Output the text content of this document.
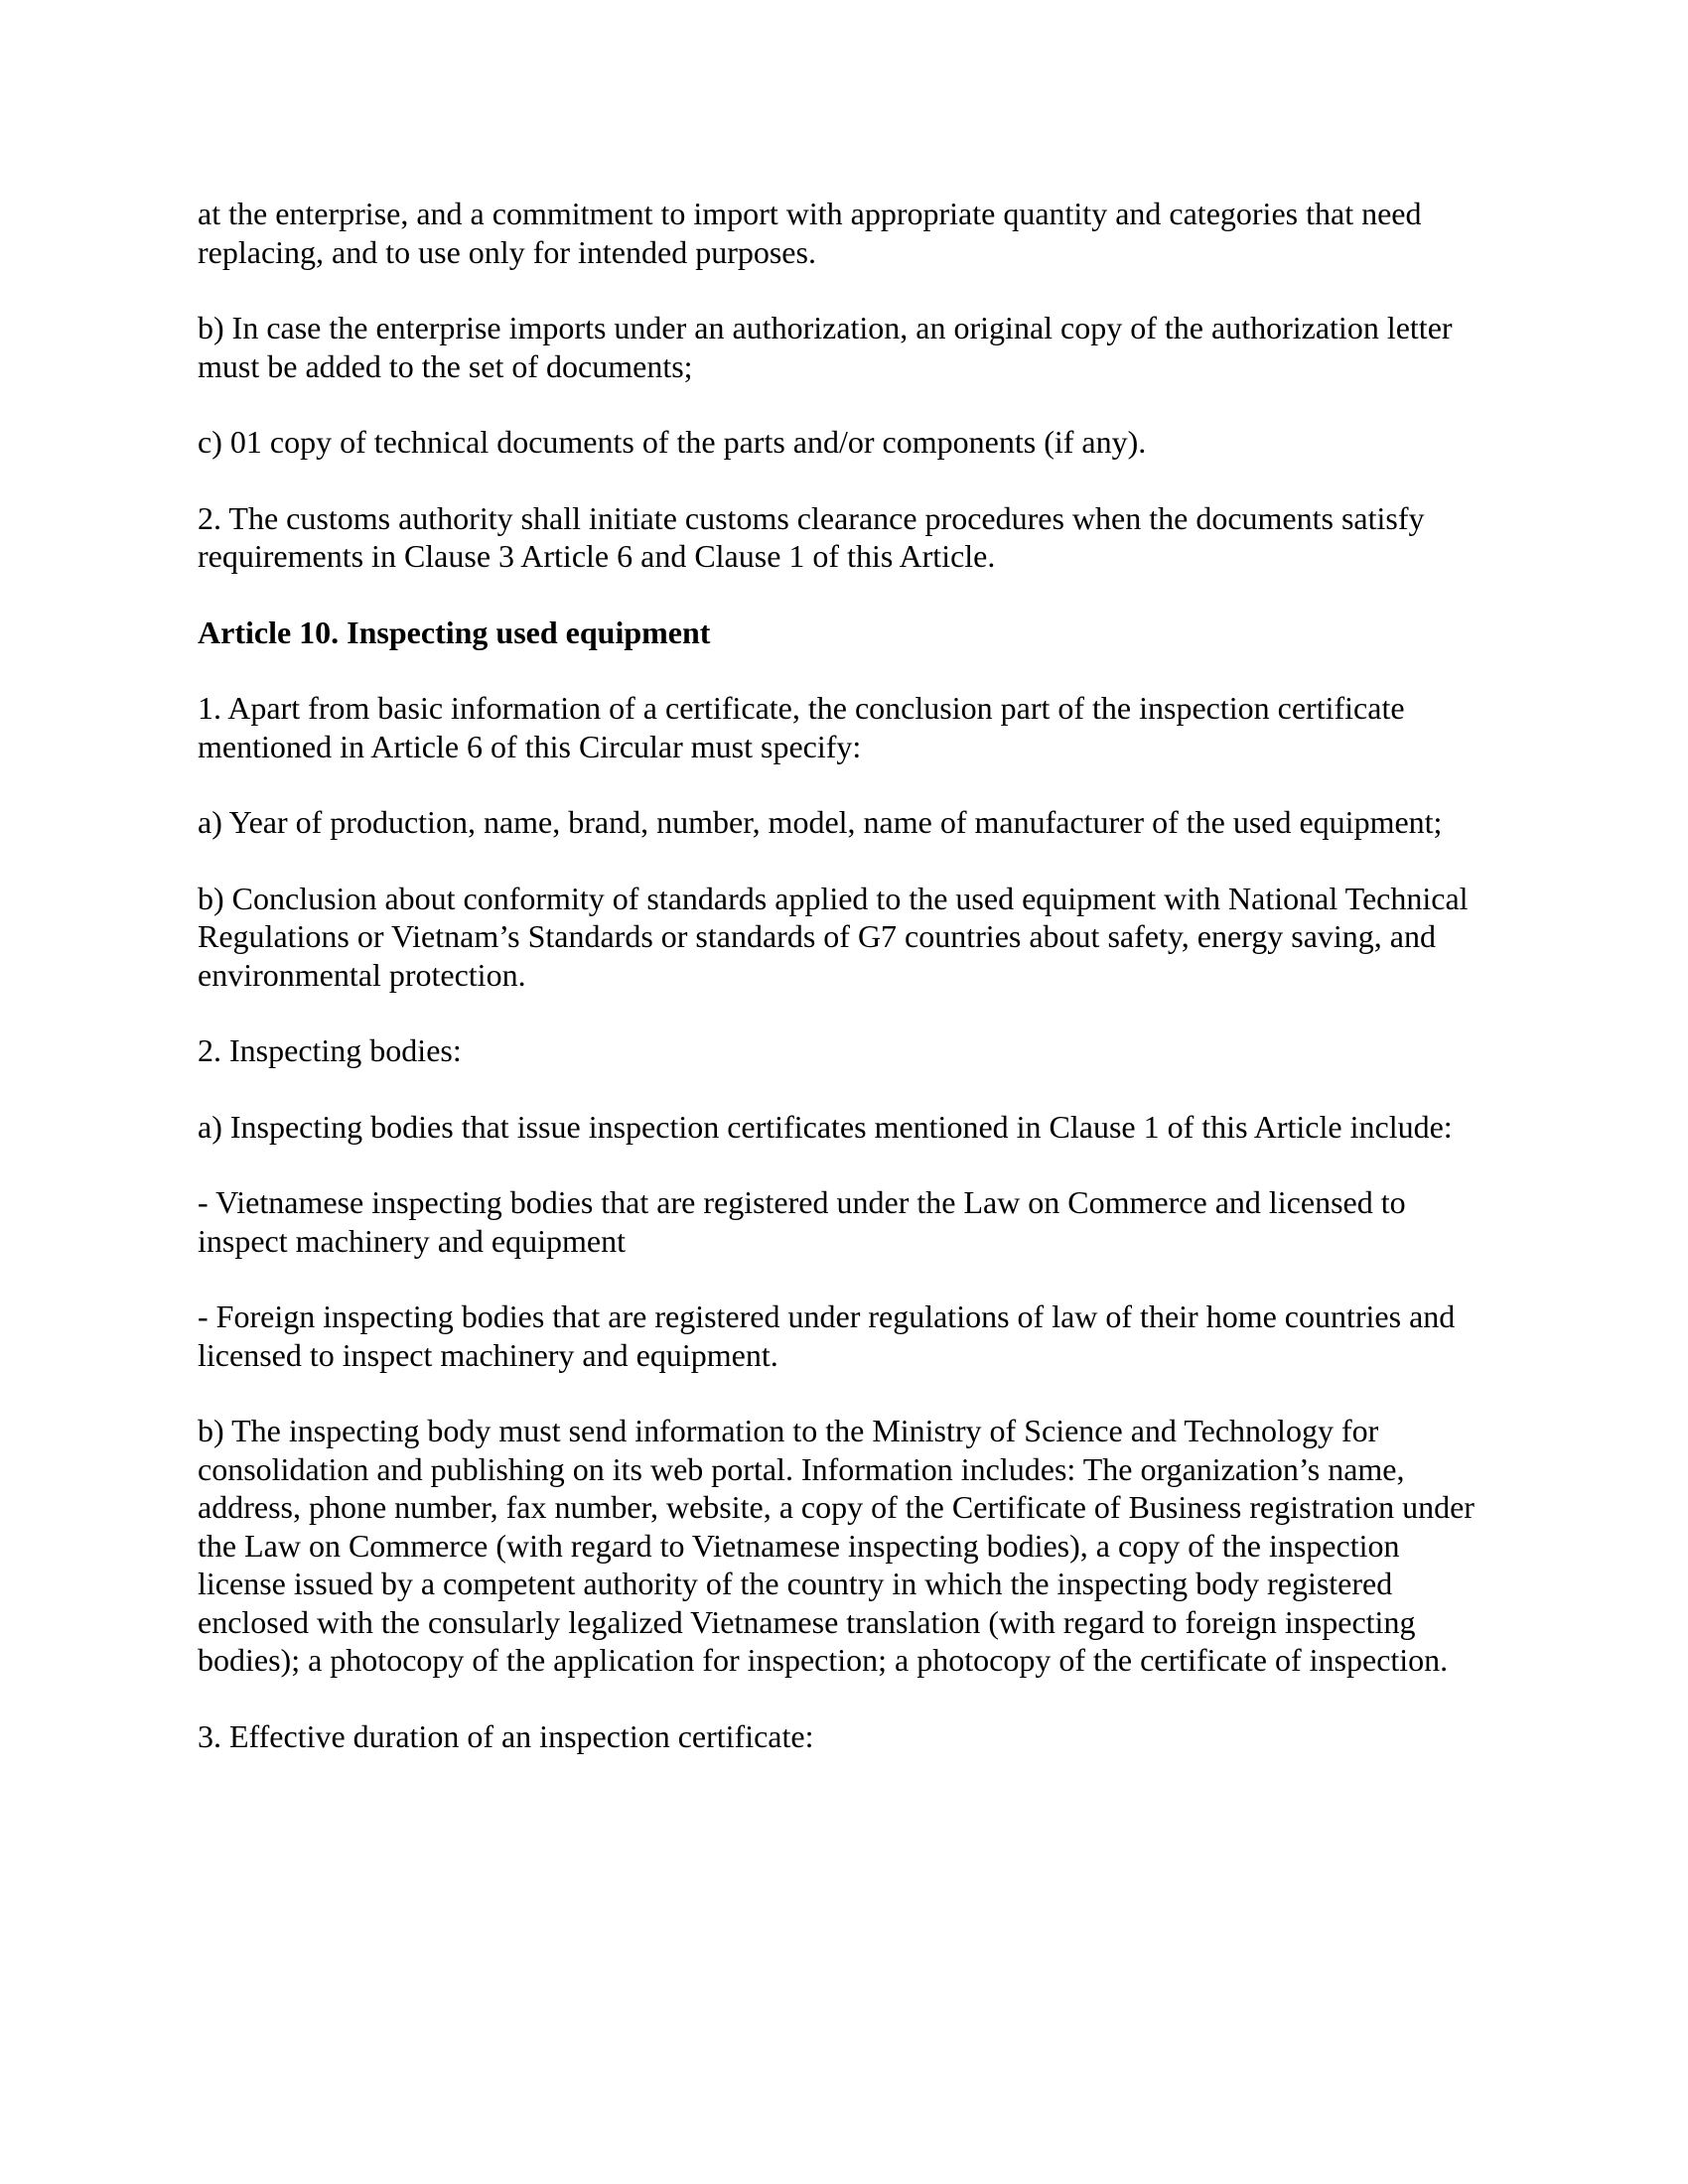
at the enterprise, and a commitment to import with appropriate quantity and categories that need replacing, and to use only for intended purposes.

b) In case the enterprise imports under an authorization, an original copy of the authorization letter must be added to the set of documents;

c) 01 copy of technical documents of the parts and/or components (if any).

2. The customs authority shall initiate customs clearance procedures when the documents satisfy requirements in Clause 3 Article 6 and Clause 1 of this Article.

Article 10. Inspecting used equipment

1. Apart from basic information of a certificate, the conclusion part of the inspection certificate mentioned in Article 6 of this Circular must specify:

a) Year of production, name, brand, number, model, name of manufacturer of the used equipment;

b) Conclusion about conformity of standards applied to the used equipment with National Technical Regulations or Vietnam’s Standards or standards of G7 countries about safety, energy saving, and environmental protection.

2. Inspecting bodies:

a) Inspecting bodies that issue inspection certificates mentioned in Clause 1 of this Article include:

- Vietnamese inspecting bodies that are registered under the Law on Commerce and licensed to inspect machinery and equipment

- Foreign inspecting bodies that are registered under regulations of law of their home countries and licensed to inspect machinery and equipment.

b) The inspecting body must send information to the Ministry of Science and Technology for consolidation and publishing on its web portal. Information includes: The organization’s name, address, phone number, fax number, website, a copy of the Certificate of Business registration under the Law on Commerce (with regard to Vietnamese inspecting bodies), a copy of the inspection license issued by a competent authority of the country in which the inspecting body registered enclosed with the consularly legalized Vietnamese translation (with regard to foreign inspecting bodies); a photocopy of the application for inspection; a photocopy of the certificate of inspection.

3. Effective duration of an inspection certificate:
